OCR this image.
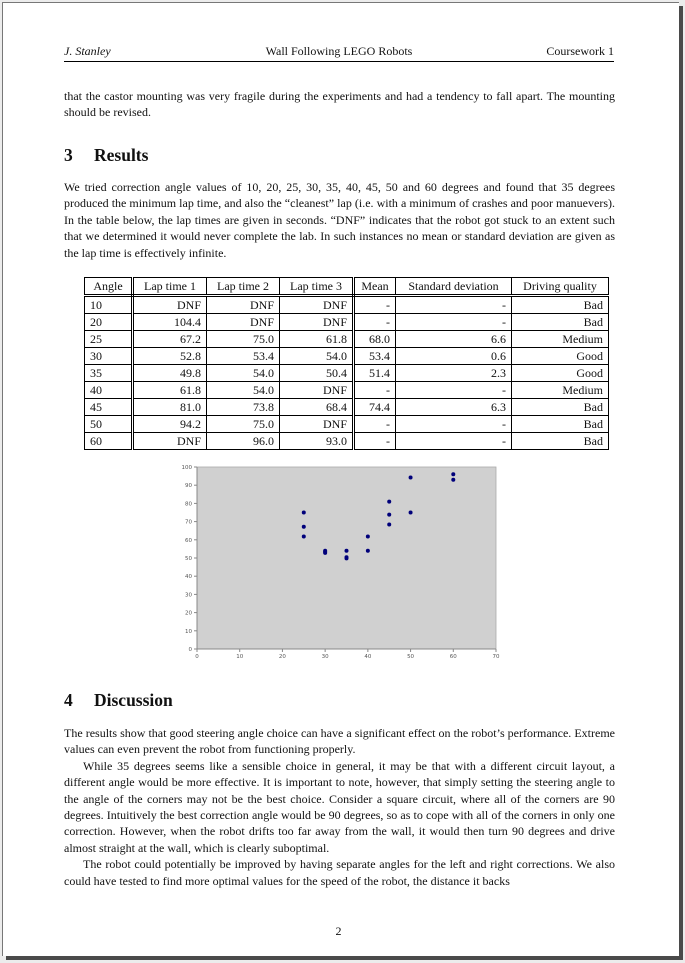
J. Stanley	Wall Following LEGO Robots	Coursework 1
that the castor mounting was very fragile during the experiments and had a tendency to fall apart. The mounting should be revised.
3 Results
We tried correction angle values of 10, 20, 25, 30, 35, 40, 45, 50 and 60 degrees and found that 35 degrees produced the minimum lap time, and also the “cleanest” lap (i.e. with a minimum of crashes and poor manuevers). In the table below, the lap times are given in seconds. “DNF” indicates that the robot got stuck to an extent such that we determined it would never complete the lab. In such instances no mean or standard deviation are given as the lap time is effectively infinite.
Angle	Lap time 1	Lap time 2	Lap time 3	Mean	Standard deviation	Driving quality
10	DNF	DNF	DNF	-	-	Bad
20	104.4	DNF	DNF	-	-	Bad
25	67.2	75.0	61.8	68.0	6.6	Medium
30	52.8	53.4	54.0	53.4	0.6	Good
35	49.8	54.0	50.4	51.4	2.3	Good
40	61.8	54.0	DNF	-	-	Medium
45	81.0	73.8	68.4	74.4	6.3	Bad
50	94.2	75.0	DNF	-	-	Bad
60	DNF	96.0	93.0	-	-	Bad
0
10
20
30
40
50
60
70
80
90
100
0	10	20	30	40	50	60	70
4 Discussion
The results show that good steering angle choice can have a significant effect on the robot’s performance. Extreme values can even prevent the robot from functioning properly.
While 35 degrees seems like a sensible choice in general, it may be that with a different circuit layout, a different angle would be more effective. It is important to note, however, that simply setting the steering angle to the angle of the corners may not be the best choice. Consider a square circuit, where all of the corners are 90 degrees. Intuitively the best correction angle would be 90 degrees, so as to cope with all of the corners in only one correction. However, when the robot drifts too far away from the wall, it would then turn 90 degrees and drive almost straight at the wall, which is clearly suboptimal.
The robot could potentially be improved by having separate angles for the left and right corrections. We also could have tested to find more optimal values for the speed of the robot, the distance it backs
2
